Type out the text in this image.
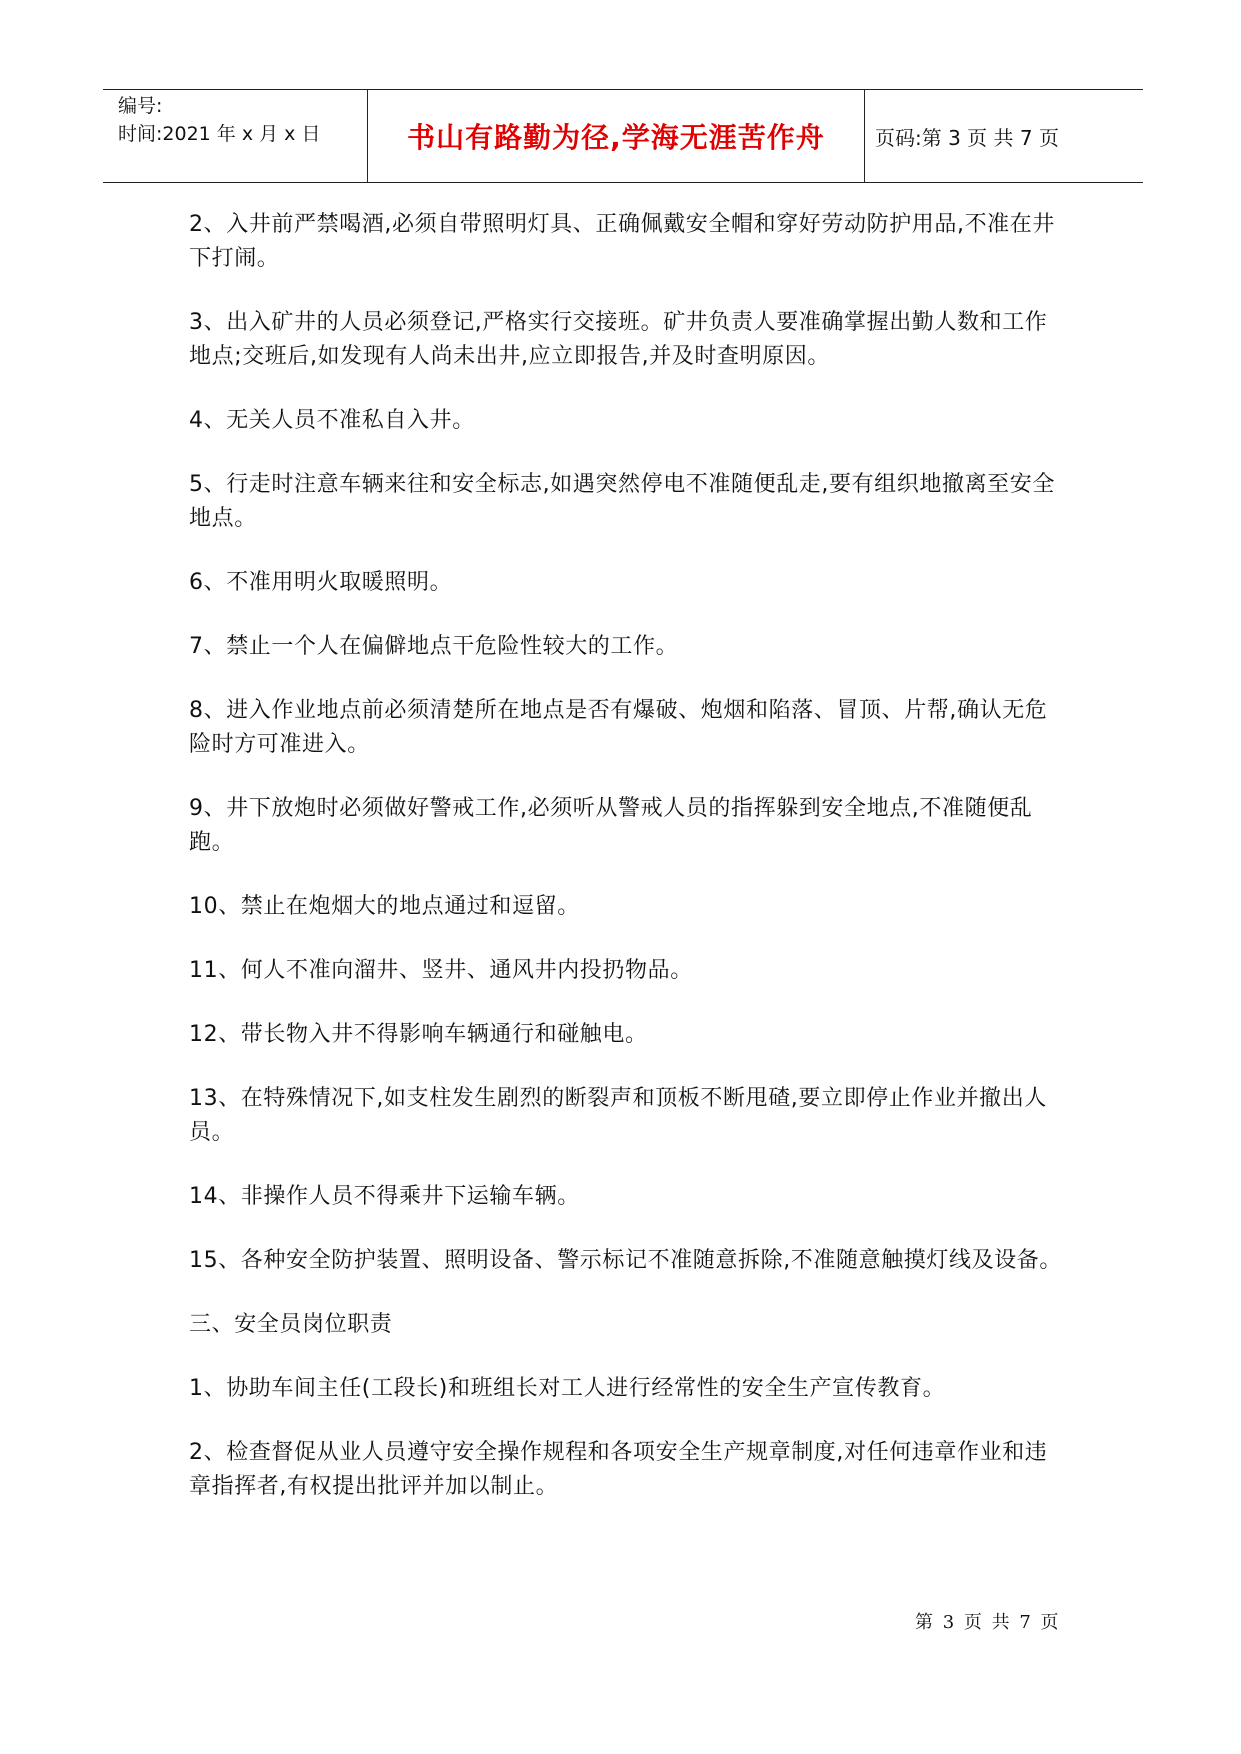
编号:
时间:2021 年 x 月 x 日	书山有路勤为径,学海无涯苦作舟	页码:第 3 页 共 7 页

2、入井前严禁喝酒,必须自带照明灯具、正确佩戴安全帽和穿好劳动防护用品,不准在井下打闹。

3、出入矿井的人员必须登记,严格实行交接班。矿井负责人要准确掌握出勤人数和工作地点;交班后,如发现有人尚未出井,应立即报告,并及时查明原因。

4、无关人员不准私自入井。

5、行走时注意车辆来往和安全标志,如遇突然停电不准随便乱走,要有组织地撤离至安全地点。

6、不准用明火取暖照明。

7、禁止一个人在偏僻地点干危险性较大的工作。

8、进入作业地点前必须清楚所在地点是否有爆破、炮烟和陷落、冒顶、片帮,确认无危险时方可准进入。

9、井下放炮时必须做好警戒工作,必须听从警戒人员的指挥躲到安全地点,不准随便乱跑。

10、禁止在炮烟大的地点通过和逗留。

11、何人不准向溜井、竖井、通风井内投扔物品。

12、带长物入井不得影响车辆通行和碰触电。

13、在特殊情况下,如支柱发生剧烈的断裂声和顶板不断甩碴,要立即停止作业并撤出人员。

14、非操作人员不得乘井下运输车辆。

15、各种安全防护装置、照明设备、警示标记不准随意拆除,不准随意触摸灯线及设备。

三、安全员岗位职责

1、协助车间主任(工段长)和班组长对工人进行经常性的安全生产宣传教育。

2、检查督促从业人员遵守安全操作规程和各项安全生产规章制度,对任何违章作业和违章指挥者,有权提出批评并加以制止。

第 3 页 共 7 页
